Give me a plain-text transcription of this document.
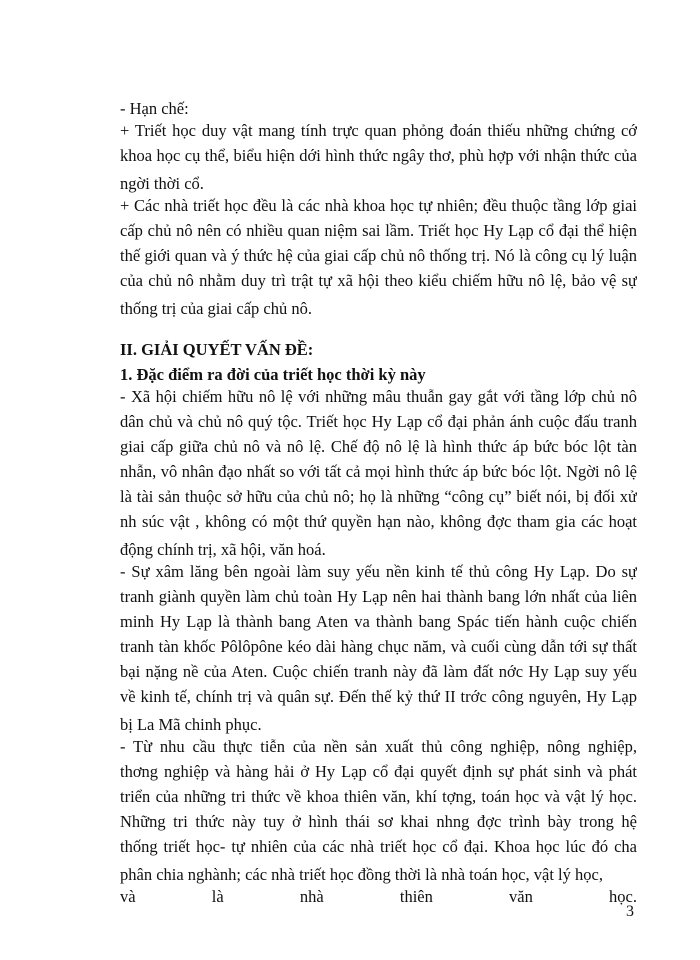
- Hạn chế:
+ Triết học duy vật mang tính trực quan phỏng đoán thiếu những chứng cớ
khoa học cụ thể, biểu hiện dới hình thức ngây thơ, phù hợp với nhận thức của
ngời thời cổ.
+ Các nhà triết học đều là các nhà khoa học tự nhiên; đều thuộc tầng lớp giai
cấp chủ nô nên có nhiều quan niệm sai lầm. Triết học Hy Lạp cổ đại thể hiện
thế giới quan và ý thức hệ của giai cấp chủ nô thống trị. Nó là công cụ lý luận
của chủ nô nhằm duy trì trật tự xã hội theo kiểu chiếm hữu nô lệ, bảo vệ sự
thống trị của giai cấp chủ nô.
II. GIẢI QUYẾT VẤN ĐỀ:
1. Đặc điểm ra đời của triết học thời kỳ này
- Xã hội chiếm hữu nô lệ với những mâu thuẫn gay gắt với tầng lớp chủ nô
dân chủ và chủ nô quý tộc. Triết học Hy Lạp cổ đại phản ánh cuộc đấu tranh
giai cấp giữa chủ nô và nô lệ. Chế độ nô lệ là hình thức áp bức bóc lột tàn
nhẫn, vô nhân đạo nhất so với tất cả mọi hình thức áp bức bóc lột. Ngời nô lệ
là tài sản thuộc sở hữu của chủ nô; họ là những “công cụ” biết nói, bị đối xử
nh súc vật , không có một thứ quyền hạn nào, không đợc tham gia các hoạt
động chính trị, xã hội, văn hoá.
- Sự xâm lăng bên ngoài làm suy yếu nền kinh tế thủ công Hy Lạp. Do sự
tranh giành quyền làm chủ toàn Hy Lạp nên hai thành bang lớn nhất của liên
minh Hy Lạp là thành bang Aten va thành bang Spác tiến hành cuộc chiến
tranh tàn khốc Pôlôpône kéo dài hàng chục năm, và cuối cùng dẫn tới sự thất
bại nặng nề của Aten. Cuộc chiến tranh này đã làm đất nớc Hy Lạp suy yếu
về kinh tế, chính trị và quân sự. Đến thế kỷ thứ II trớc công nguyên, Hy Lạp
bị La Mã chinh phục.
- Từ nhu cầu thực tiễn của nền sản xuất thủ công nghiệp, nông nghiệp,
thơng nghiệp và hàng hải ở Hy Lạp cổ đại quyết định sự phát sinh và phát
triển của những tri thức về khoa thiên văn, khí tợng, toán học và vật lý học.
Những tri thức này tuy ở hình thái sơ khai nhng đợc trình bày trong hệ
thống triết học- tự nhiên của các nhà triết học cổ đại. Khoa học lúc đó cha
phân chia nghành; các nhà triết học đồng thời là nhà toán học, vật lý học,
và là nhà thiên văn học.
3
